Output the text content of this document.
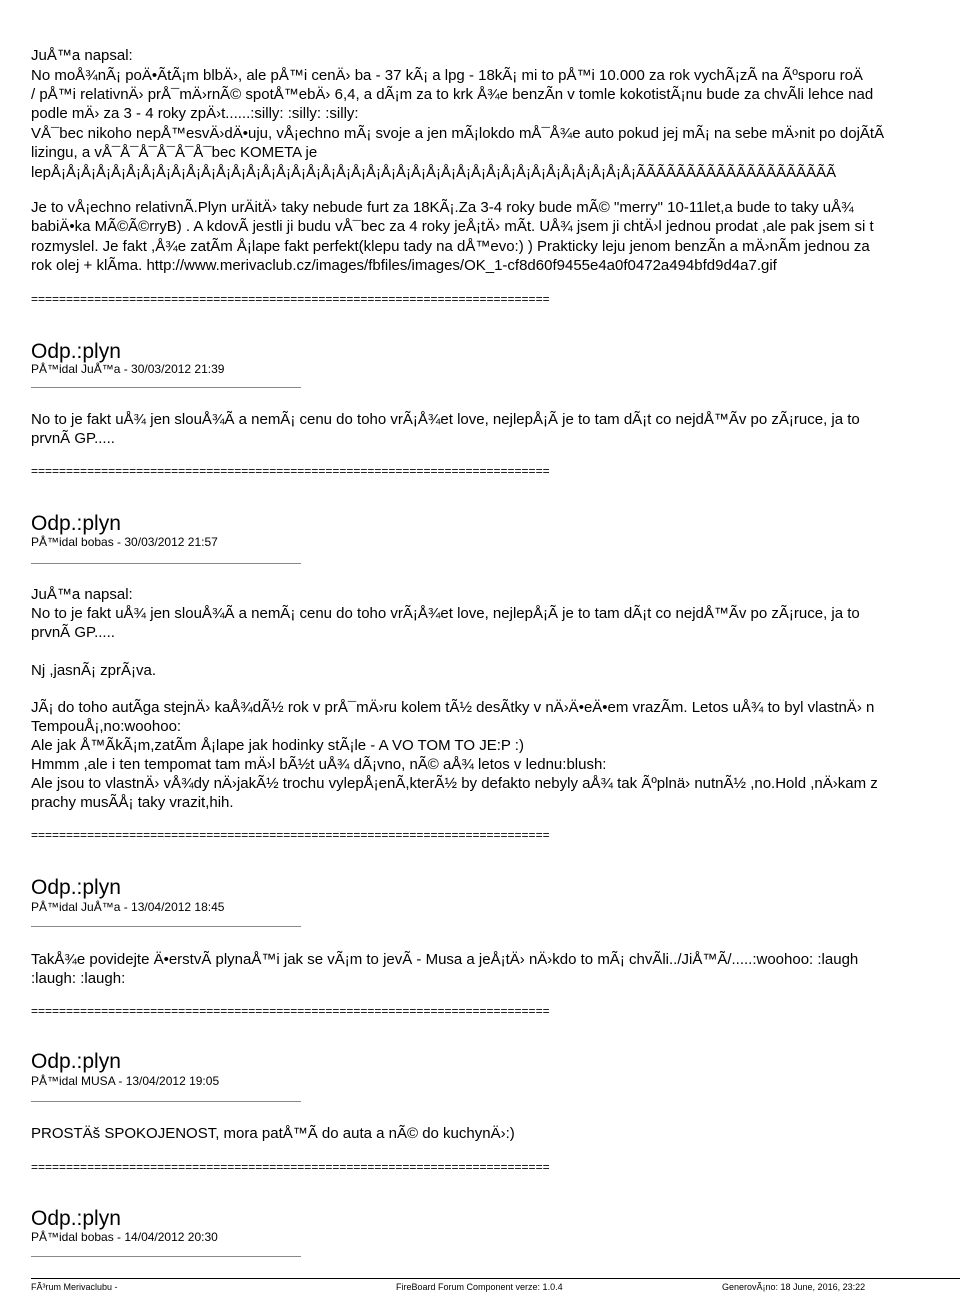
JuÅ™a napsal:
No moÅ¾nÃ¡ poÄ•ÃtÃ¡m blbÄ›, ale pÅ™i cenÄ› ba - 37 kÃ¡ a lpg - 18kÃ¡ mi to pÅ™i 10.000 za rok vychÃ¡zÃ na Ãºsporu roÄ
/ pÅ™i relativnÄ› prÅ¯mÄ›rnÃ© spotÅ™ebÄ› 6,4, a dÃ¡m za to krk Å¾e benzÃn v tomle kokotistÃ¡nu bude za chvÃli lehce nad
podle mÄ› za 3 - 4 roky zpÄ›t......:silly: :silly: :silly:
VÅ¯bec nikoho nepÅ™esvÄ›dÄ•uju, vÅ¡echno mÃ¡ svoje a jen mÃ¡lokdo mÅ¯Å¾e auto pokud jej mÃ¡ na sebe mÄ›nit po dojÃtÃ
lizingu, a vÅ¯Å¯Å¯Å¯Å¯Å¯bec KOMETA je
lepÅ¡Å¡Å¡Å¡Å¡Å¡Å¡Å¡Å¡Å¡Å¡Å¡Å¡Å¡Å¡Å¡Å¡Å¡Å¡Å¡Å¡Å¡Å¡Å¡Å¡Å¡Å¡Å¡Å¡Å¡Å¡Å¡Å¡Å¡Å¡Å¡Å¡Å¡Å¡ÃÃÃÃÃÃÃÃÃÃÃÃÃÃÃÃÃÃÃÃ
Je to vÅ¡echno relativnÃ.Plyn urÄitÄ› taky nebude furt za 18KÃ¡.Za 3-4 roky bude mÃ© "merry" 10-11let,a bude to taky uÅ¾
babiÄ•ka MÃ©Ã©rryB) . A kdovÃ jestli ji budu vÅ¯bec za 4 roky jeÅ¡tÄ› mÃt. UÅ¾ jsem ji chtÄ›l jednou prodat ,ale pak jsem si t
rozmyslel. Je fakt ,Å¾e zatÃm Å¡lape fakt perfekt(klepu tady na dÅ™evo:) ) Prakticky leju jenom benzÃn a mÄ›nÃm jednou za
rok olej + klÃma. http://www.merivaclub.cz/images/fbfiles/images/OK_1-cf8d60f9455e4a0f0472a494bfd9d4a7.gif
==========================================================================
Odp.:plyn
PÅ™idal JuÅ™a - 30/03/2012 21:39
No to je fakt uÅ¾ jen slouÅ¾Ã a nemÃ¡ cenu do toho vrÃ¡Å¾et love, nejlepÅ¡Ã je to tam dÃ¡t co nejdÅ™Ãv po zÃ¡ruce, ja to
prvnÃ GP.....
==========================================================================
Odp.:plyn
PÅ™idal bobas - 30/03/2012 21:57
JuÅ™a napsal:
No to je fakt uÅ¾ jen slouÅ¾Ã a nemÃ¡ cenu do toho vrÃ¡Å¾et love, nejlepÅ¡Ã je to tam dÃ¡t co nejdÅ™Ãv po zÃ¡ruce, ja to
prvnÃ GP.....
Nj ,jasnÃ¡ zprÃ¡va.
JÃ¡ do toho autÃga stejnÄ› kaÅ¾dÃ½ rok v prÅ¯mÄ›ru kolem tÃ½ desÃtky v nÄ›Ä•eÄ•em vrazÃm. Letos uÅ¾ to byl vlastnÄ› n
TempouÅ¡,no:woohoo:
Ale jak Å™ÃkÃ¡m,zatÃm Å¡lape jak hodinky stÃ¡le - A VO TOM TO JE:P :)
Hmmm ,ale i ten tempomat tam mÄ›l bÃ½t uÅ¾ dÃ¡vno, nÃ© aÅ¾ letos v lednu:blush:
Ale jsou to vlastnÄ› vÅ¾dy nÄ›jakÃ½ trochu vylepÅ¡enÃ,kterÃ½ by defakto nebyly aÅ¾ tak Ãºplnä› nutnÃ½ ,no.Hold ,nÄ›kam z
prachy musÃÅ¡ taky vrazit,hih.
==========================================================================
Odp.:plyn
PÅ™idal JuÅ™a - 13/04/2012 18:45
TakÅ¾e povidejte Ä•erstvÃ plynaÅ™i jak se vÃ¡m to jevÃ - Musa a jeÅ¡tÄ› nÄ›kdo to mÃ¡ chvÃli../JiÅ™Ã/.....:woohoo: :laugh
:laugh: :laugh:
==========================================================================
Odp.:plyn
PÅ™idal MUSA - 13/04/2012 19:05
PROSTÄš SPOKOJENOST, mora patÅ™Ã do auta a nÃ© do kuchynÄ›:)
==========================================================================
Odp.:plyn
PÅ™idal bobas - 14/04/2012 20:30
FÃ³rum Merivaclubu -	FireBoard Forum Component verze: 1.0.4	GenerovÃ¡no: 18 June, 2016, 23:22
